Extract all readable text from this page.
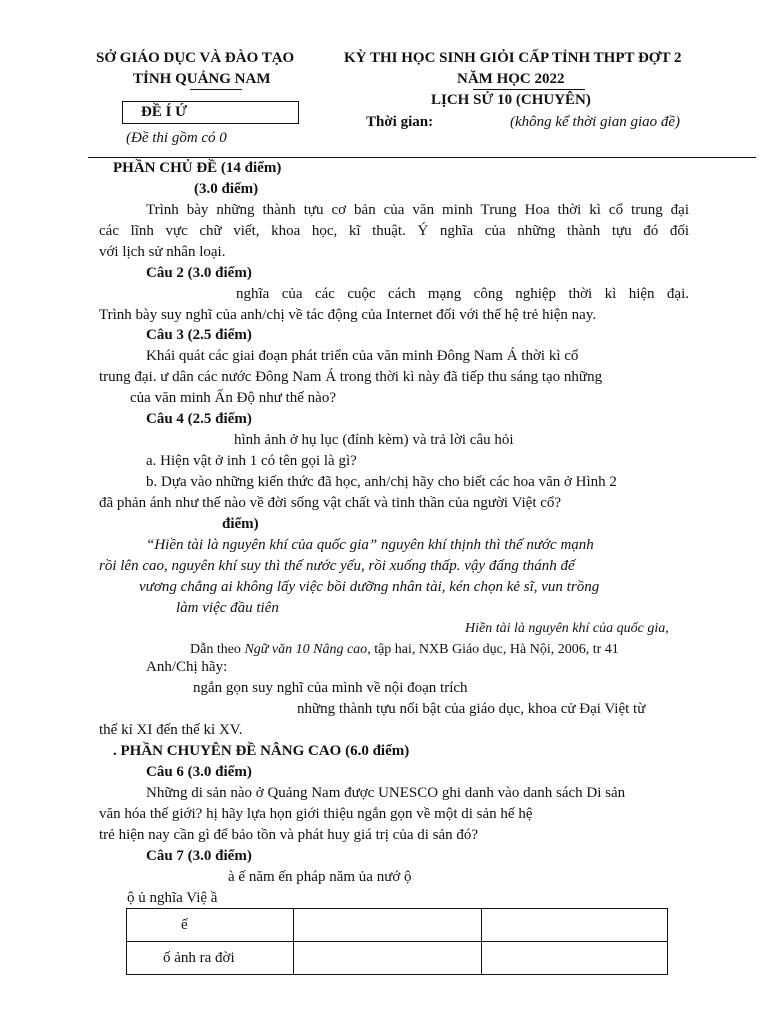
SỞ GIÁO DỤC VÀ ĐÀO TẠO
TỈNH QUẢNG NAM
ĐỀ Í Ứ
(Đề thi gồm có 0
KỲ THI HỌC SINH GIỎI CẤP TỈNH THPT ĐỢT 2
NĂM HỌC 2022
LỊCH SỬ 10 (CHUYÊN)
Thời gian:	(không kể thời gian giao đề)
PHẦN CHỦ ĐỀ (14 điểm)
(3.0 điểm)
Trình bày những thành tựu cơ bản của văn minh Trung Hoa thời kì cổ trung đại
các lĩnh vực chữ viết, khoa học, kĩ thuật. Ý nghĩa của những thành tựu đó đối
với lịch sử nhân loại.
Câu 2 (3.0 điểm)
nghĩa của các cuộc cách mạng công nghiệp thời kì hiện đại.
Trình bày suy nghĩ của anh/chị về tác động của Internet đối với thế hệ trẻ hiện nay.
Câu 3 (2.5 điểm)
Khái quát các giai đoạn phát triển của văn minh Đông Nam Á thời kì cổ
trung đại. ư dân các nước Đông Nam Á trong thời kì này đã tiếp thu sáng tạo những
của văn minh Ấn Độ như thế nào?
Câu 4 (2.5 điểm)
hình ảnh ở hụ lục (đính kèm) và trả lời câu hỏi
a. Hiện vật ở inh 1 có tên gọi là gì?
b. Dựa vào những kiến thức đã học, anh/chị hãy cho biết các hoa văn ở Hình 2
đã phản ánh như thế nào về đời sống vật chất và tinh thần của người Việt cổ?
điểm)
“Hiền tài là nguyên khí của quốc gia” nguyên khí thịnh thì thế nước mạnh
rồi lên cao, nguyên khí suy thì thế nước yếu, rồi xuống thấp. vậy đấng thánh đế
vương chẳng ai không lấy việc bồi dưỡng nhân tài, kén chọn kẻ sĩ, vun trồng
làm việc đầu tiên
Hiền tài là nguyên khí của quốc gia,
Dẫn theo Ngữ văn 10 Nâng cao, tập hai, NXB Giáo dục, Hà Nội, 2006, tr 41
Anh/Chị hãy:
ngắn gọn suy nghĩ của mình về nội đoạn trích
những thành tựu nổi bật của giáo dục, khoa cử Đại Việt từ
thế kỉ XI đến thế kỉ XV.
. PHẦN CHUYÊN ĐỀ NÂNG CAO (6.0 điểm)
Câu 6 (3.0 điểm)
Những di sản nào ở Quảng Nam được UNESCO ghi danh vào danh sách Di sản
văn hóa thế giới? hị hãy lựa họn giới thiệu ngắn gọn về một di sản hế hệ
trẻ hiện nay cần gì để bảo tồn và phát huy giá trị của di sản đó?
Câu 7 (3.0 điểm)
à ế năm ến pháp năm ủa nướ ộ
ộ ủ nghĩa Việ ầ
ế		
ố ảnh ra đời		
